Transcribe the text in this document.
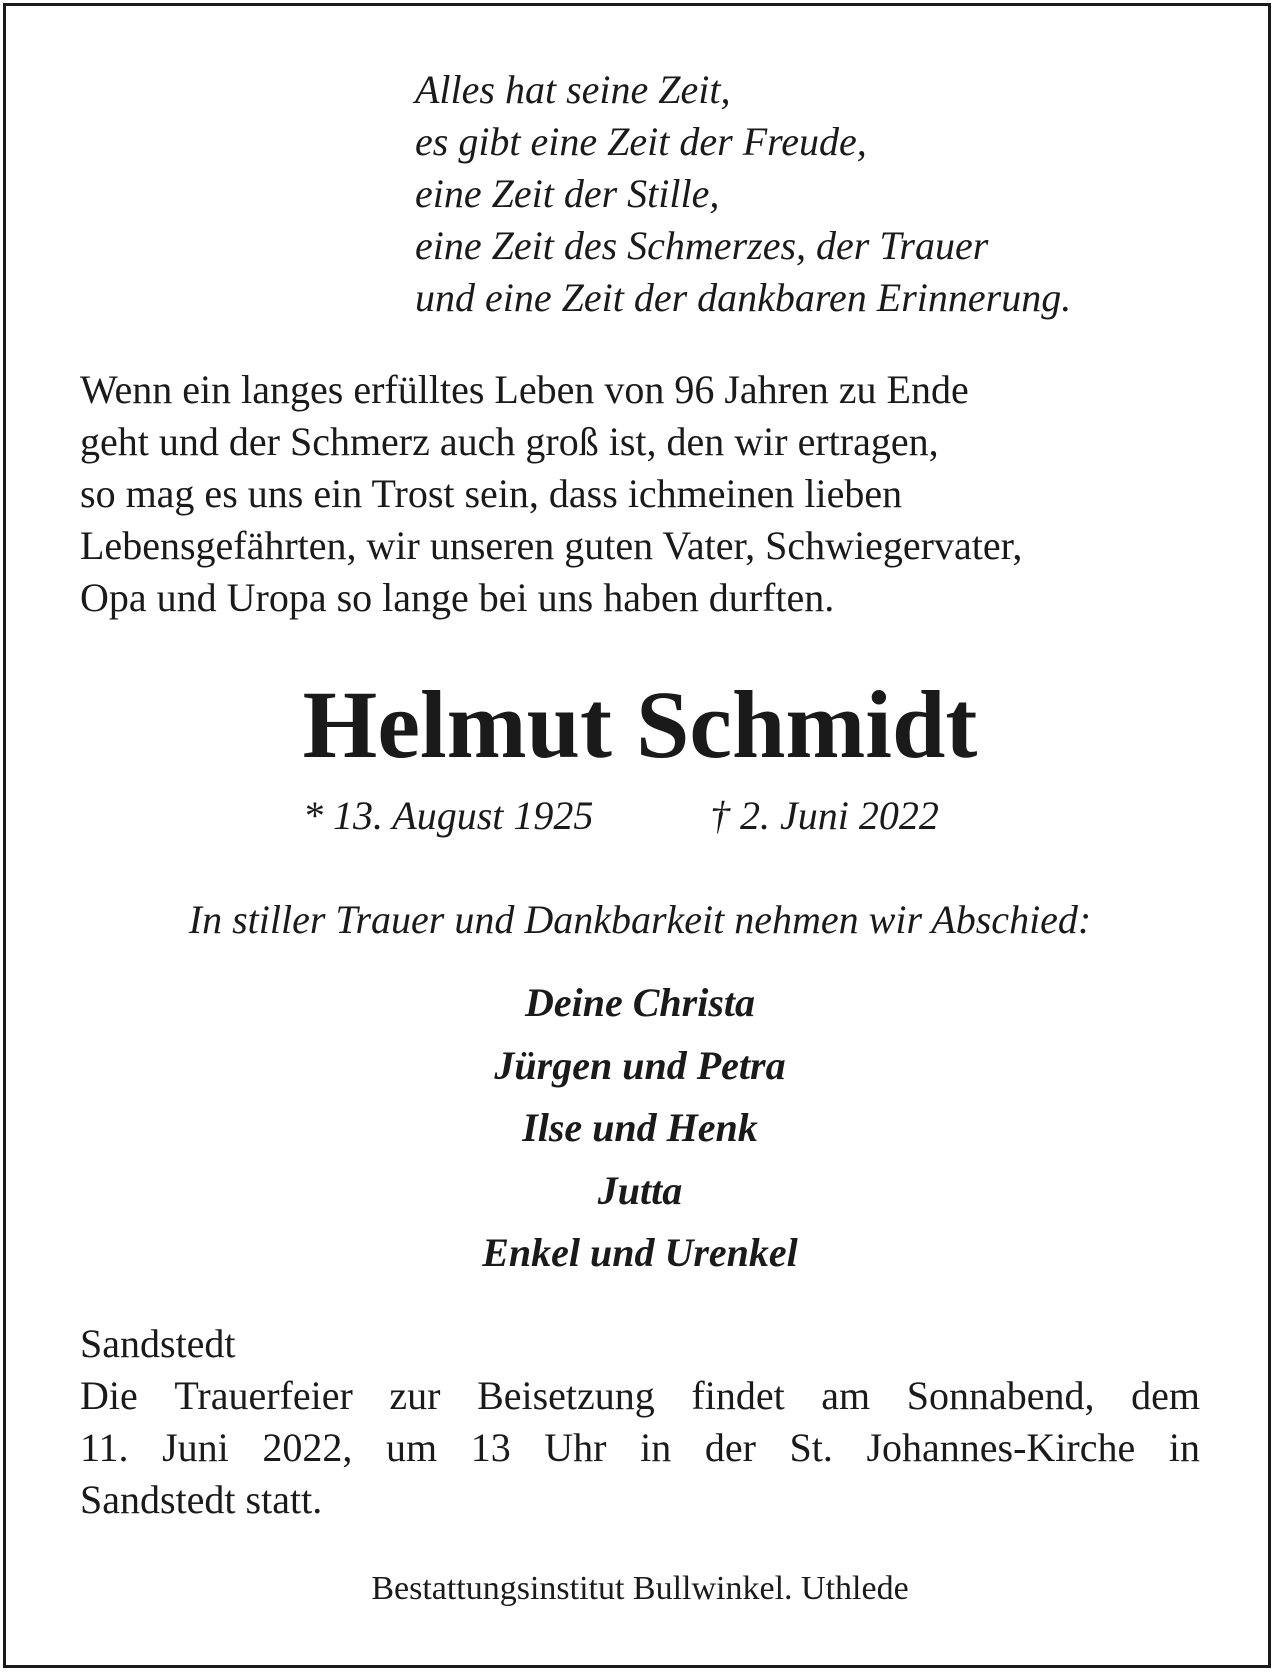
Alles hat seine Zeit,
es gibt eine Zeit der Freude,
eine Zeit der Stille,
eine Zeit des Schmerzes, der Trauer
und eine Zeit der dankbaren Erinnerung.
Wenn ein langes erfülltes Leben von 96 Jahren zu Ende
geht und der Schmerz auch groß ist, den wir ertragen,
so mag es uns ein Trost sein, dass ichmeinen lieben
Lebensgefährten, wir unseren guten Vater, Schwiegervater,
Opa und Uropa so lange bei uns haben durften.
Helmut Schmidt
* 13. August 1925	† 2. Juni 2022
In stiller Trauer und Dankbarkeit nehmen wir Abschied:
Deine Christa
Jürgen und Petra
Ilse und Henk
Jutta
Enkel und Urenkel
Sandstedt
Die Trauerfeier zur Beisetzung findet am Sonnabend, dem
11. Juni 2022, um 13 Uhr in der St. Johannes-Kirche in
Sandstedt statt.
Bestattungsinstitut Bullwinkel. Uthlede
